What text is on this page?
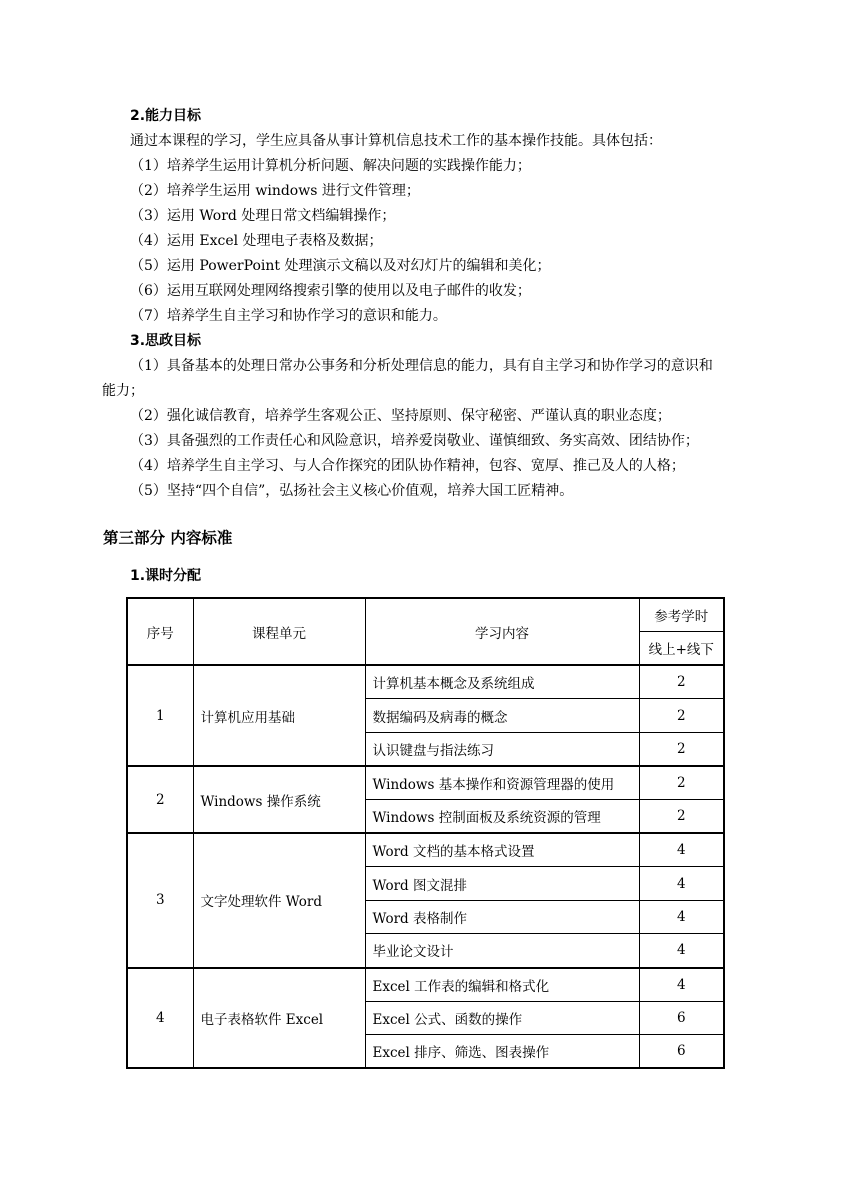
2.能力目标
通过本课程的学习，学生应具备从事计算机信息技术工作的基本操作技能。具体包括：
（1）培养学生运用计算机分析问题、解决问题的实践操作能力；
（2）培养学生运用 windows 进行文件管理；
（3）运用 Word 处理日常文档编辑操作；
（4）运用 Excel 处理电子表格及数据；
（5）运用 PowerPoint 处理演示文稿以及对幻灯片的编辑和美化；
（6）运用互联网处理网络搜索引擎的使用以及电子邮件的收发；
（7）培养学生自主学习和协作学习的意识和能力。
3.思政目标
（1）具备基本的处理日常办公事务和分析处理信息的能力，具有自主学习和协作学习的意识和
能力；
（2）强化诚信教育，培养学生客观公正、坚持原则、保守秘密、严谨认真的职业态度；
（3）具备强烈的工作责任心和风险意识，培养爱岗敬业、谨慎细致、务实高效、团结协作；
（4）培养学生自主学习、与人合作探究的团队协作精神，包容、宽厚、推己及人的人格；
（5）坚持“四个自信”，弘扬社会主义核心价值观，培养大国工匠精神。
第三部分 内容标准
1.课时分配
序号	课程单元	学习内容	参考学时
			线上+线下
1	计算机应用基础	计算机基本概念及系统组成	2
		数据编码及病毒的概念	2
		认识键盘与指法练习	2
2	Windows 操作系统	Windows 基本操作和资源管理器的使用	2
		Windows 控制面板及系统资源的管理	2
3	文字处理软件 Word	Word 文档的基本格式设置	4
		Word 图文混排	4
		Word 表格制作	4
		毕业论文设计	4
4	电子表格软件 Excel	Excel 工作表的编辑和格式化	4
		Excel 公式、函数的操作	6
		Excel 排序、筛选、图表操作	6
